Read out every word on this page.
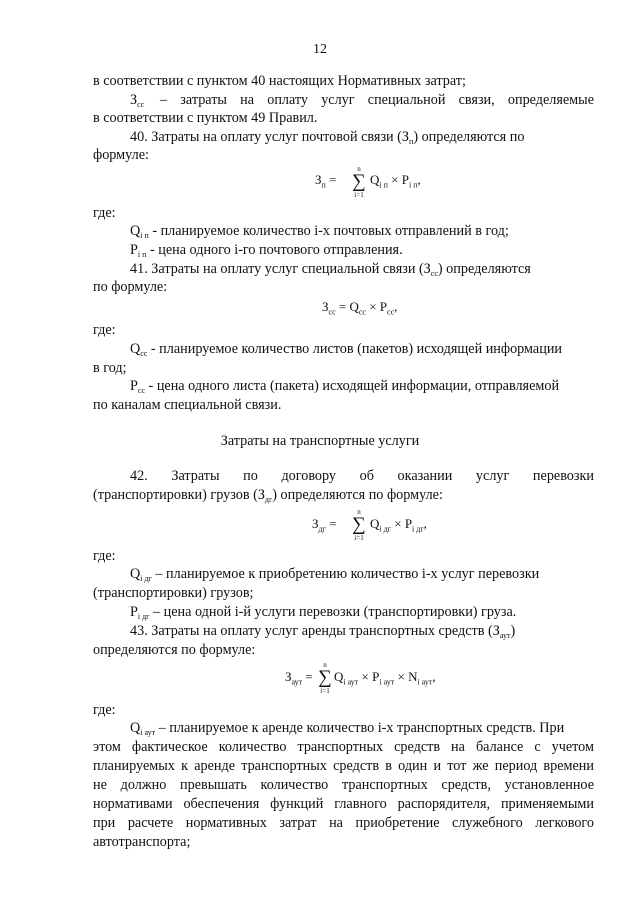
12
в соответствии с пунктом 40 настоящих Нормативных затрат;
$З_{сс}$ – затраты на оплату услуг специальной связи, определяемые
в соответствии с пунктом 49 Правил.
40. Затраты на оплату услуг почтовой связи $(З_п)$ определяются по
формуле:
$З_п$ =
n
∑
i=1
$Q_{i п} \times P_{i п}$,
где:
$Q_{i п}$ - планируемое количество i-х почтовых отправлений в год;
$P_{i п}$ - цена одного i-го почтового отправления.
41. Затраты на оплату услуг специальной связи $(З_{сс})$ определяются
по формуле:
$З_{сс} = Q_{сс} \times P_{сс}$,
где:
$Q_{сс}$ - планируемое количество листов (пакетов) исходящей информации
в год;
$P_{сс}$ - цена одного листа (пакета) исходящей информации, отправляемой
по каналам специальной связи.
Затраты на транспортные услуги
42. Затраты по договору об оказании услуг перевозки
(транспортировки) грузов $(З_{дг})$ определяются по формуле:
$З_{дг}$ =
n
∑
i=1
$Q_{i дг} \times P_{i дг}$,
где:
$Q_{i дг}$ – планируемое к приобретению количество i-х услуг перевозки
(транспортировки) грузов;
$P_{i дг}$ – цена одной i-й услуги перевозки (транспортировки) груза.
43. Затраты на оплату услуг аренды транспортных средств $(З_{аут})$
определяются по формуле:
$З_{аут}$ =
n
∑
i=1
$Q_{i аут} \times P_{i аут} \times N_{i аут}$,
где:
$Q_{i аут}$ – планируемое к аренде количество i-х транспортных средств. При
этом фактическое количество транспортных средств на балансе с учетом
планируемых к аренде транспортных средств в один и тот же период времени
не должно превышать количество транспортных средств, установленное
нормативами обеспечения функций главного распорядителя, применяемыми
при расчете нормативных затрат на приобретение служебного легкового
автотранспорта;
